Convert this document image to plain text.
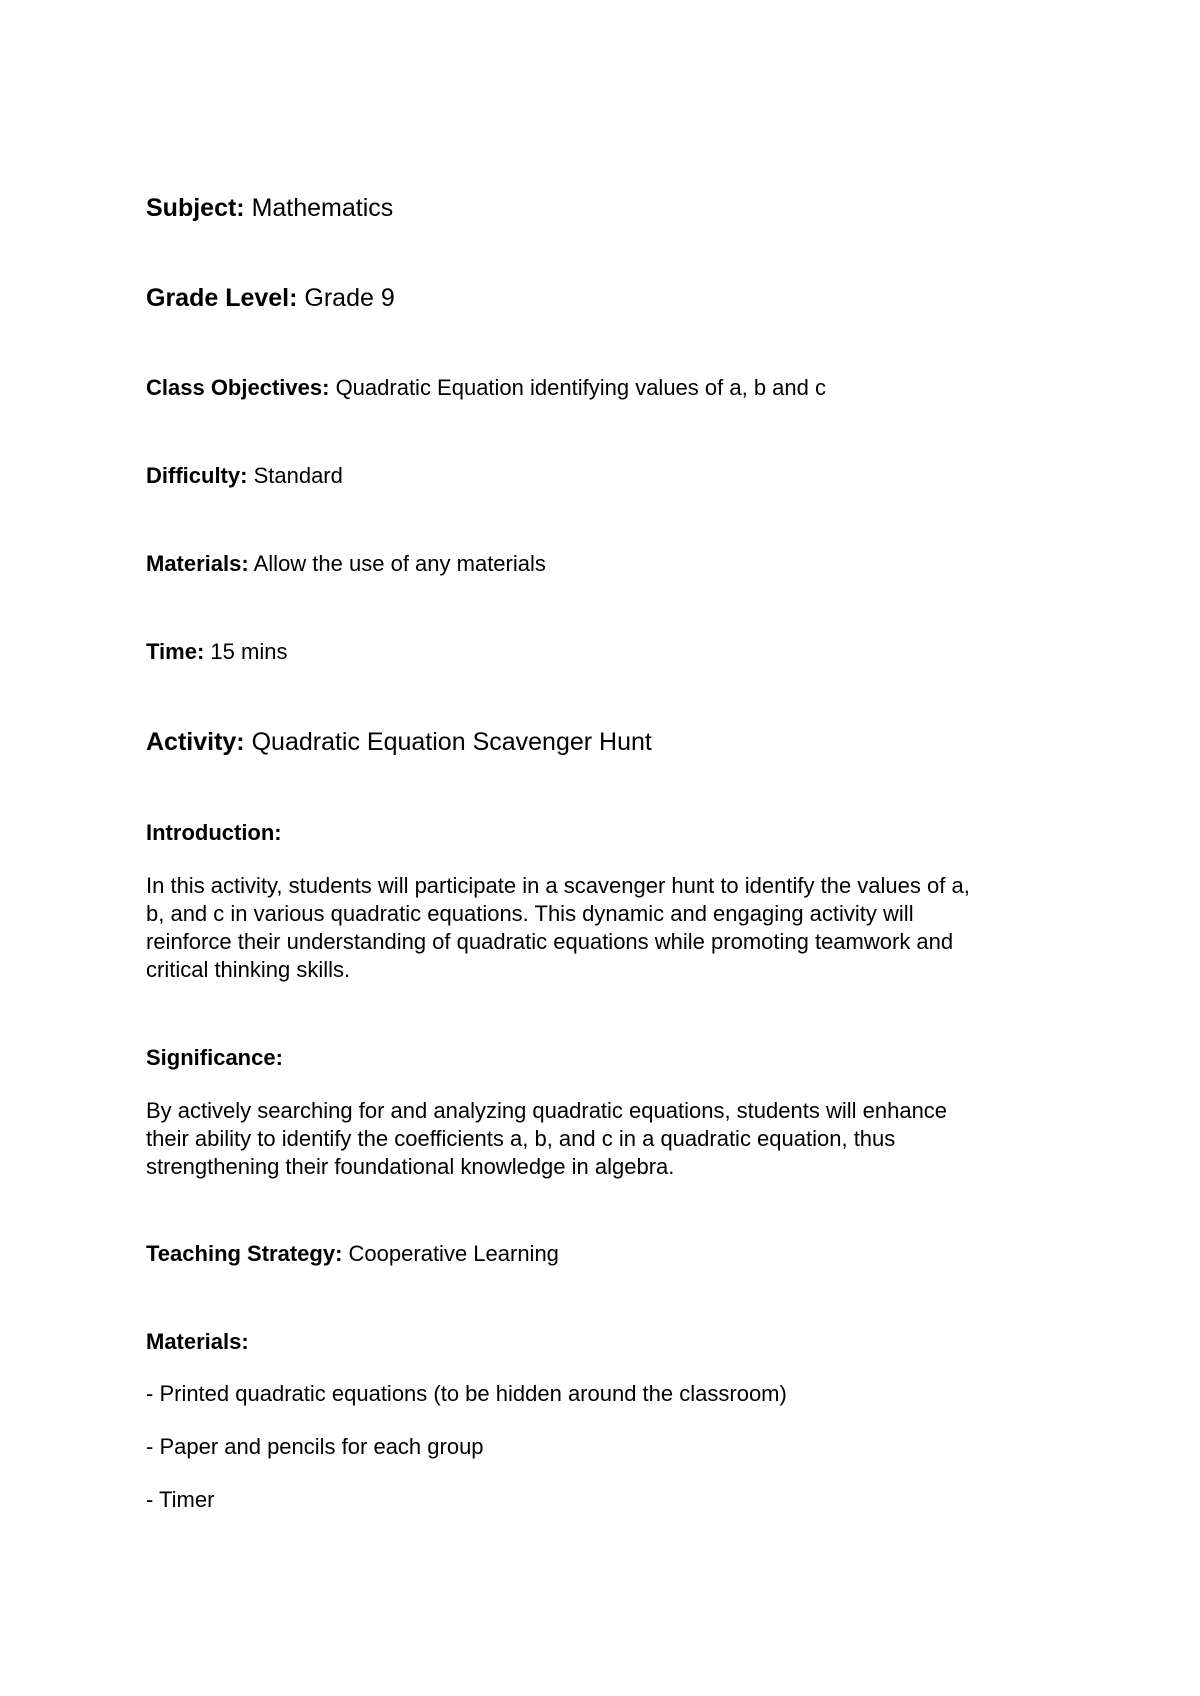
Subject: Mathematics
Grade Level: Grade 9
Class Objectives: Quadratic Equation identifying values of a, b and c
Difficulty: Standard
Materials: Allow the use of any materials
Time: 15 mins
Activity: Quadratic Equation Scavenger Hunt
Introduction:

In this activity, students will participate in a scavenger hunt to identify the values of a,
b, and c in various quadratic equations. This dynamic and engaging activity will
reinforce their understanding of quadratic equations while promoting teamwork and
critical thinking skills.

Significance:

By actively searching for and analyzing quadratic equations, students will enhance
their ability to identify the coefficients a, b, and c in a quadratic equation, thus
strengthening their foundational knowledge in algebra.

Teaching Strategy: Cooperative Learning
Materials:
- Printed quadratic equations (to be hidden around the classroom)
- Paper and pencils for each group
- Timer
